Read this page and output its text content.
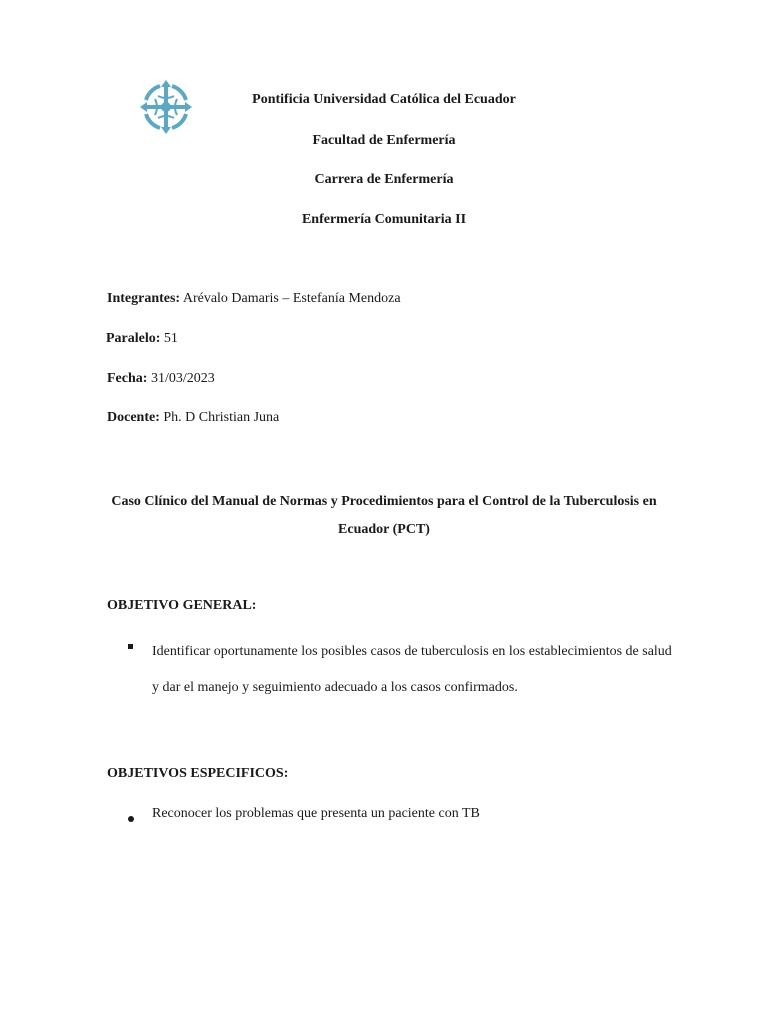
Pontificia Universidad Católica del Ecuador
Facultad de Enfermería
Carrera de Enfermería
Enfermería Comunitaria II
Integrantes: Arévalo Damaris – Estefanía Mendoza
Paralelo: 51
Fecha: 31/03/2023
Docente: Ph. D Christian Juna
Caso Clínico del Manual de Normas y Procedimientos para el Control de la Tuberculosis en Ecuador (PCT)
OBJETIVO GENERAL:
Identificar oportunamente los posibles casos de tuberculosis en los establecimientos de salud y dar el manejo y seguimiento adecuado a los casos confirmados.
OBJETIVOS ESPECIFICOS:
Reconocer los problemas que presenta un paciente con TB
